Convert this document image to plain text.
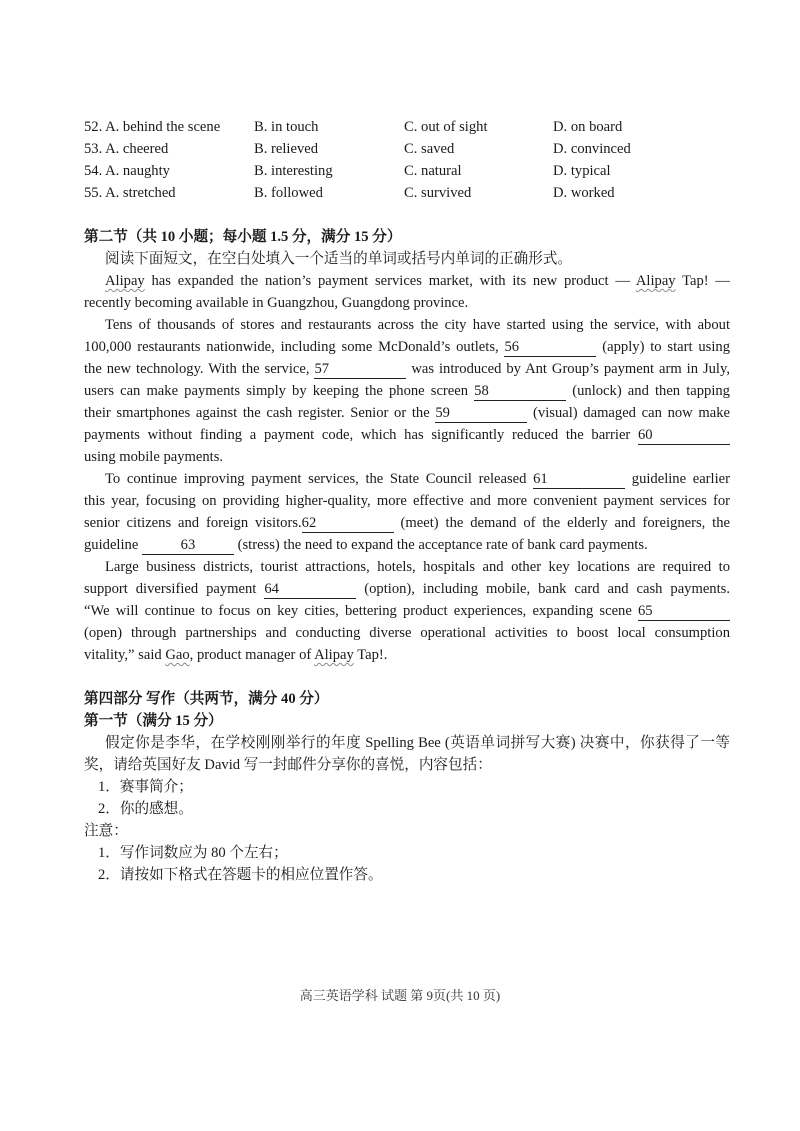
52. A. behind the scene	B. in touch	C. out of sight	D. on board
53. A. cheered	B. relieved	C. saved	D. convinced
54. A. naughty	B. interesting	C. natural	D. typical
55. A. stretched	B. followed	C. survived	D. worked

第二节（共 10 小题；每小题 1.5 分，满分 15 分）
阅读下面短文，在空白处填入一个适当的单词或括号内单词的正确形式。
Alipay has expanded the nation’s payment services market, with its new product — Alipay Tap! —
recently becoming available in Guangzhou, Guangdong province.
Tens of thousands of stores and restaurants across the city have started using the service, with about
100,000 restaurants nationwide, including some McDonald’s outlets, 56	(apply) to start using
the new technology. With the service, 57	was introduced by Ant Group’s payment arm in July,
users can make payments simply by keeping the phone screen 58	(unlock) and then tapping
their smartphones against the cash register. Senior or the 59	(visual) damaged can now make
payments without finding a payment code, which has significantly reduced the barrier 60
using mobile payments.
To continue improving payment services, the State Council released 61	guideline earlier
this year, focusing on providing higher-quality, more effective and more convenient payment services for
senior citizens and foreign visitors.62	(meet) the demand of the elderly and foreigners, the
guideline	63	(stress) the need to expand the acceptance rate of bank card payments.
Large business districts, tourist attractions, hotels, hospitals and other key locations are required to
support diversified payment 64	(option), including mobile, bank card and cash payments.
“We will continue to focus on key cities, bettering product experiences, expanding scene 65
(open) through partnerships and conducting diverse operational activities to boost local consumption
vitality,” said Gao, product manager of Alipay Tap!.

第四部分 写作（共两节，满分 40 分）
第一节（满分 15 分）
假定你是李华，在学校刚刚举行的年度 Spelling Bee (英语单词拼写大赛) 决赛中，你获得了一等
奖，请给英国好友 David 写一封邮件分享你的喜悦，内容包括：
1．赛事简介；
2．你的感想。
注意：
1．写作词数应为 80 个左右；
2．请按如下格式在答题卡的相应位置作答。
高三英语学科 试题 第 9页(共 10 页)
